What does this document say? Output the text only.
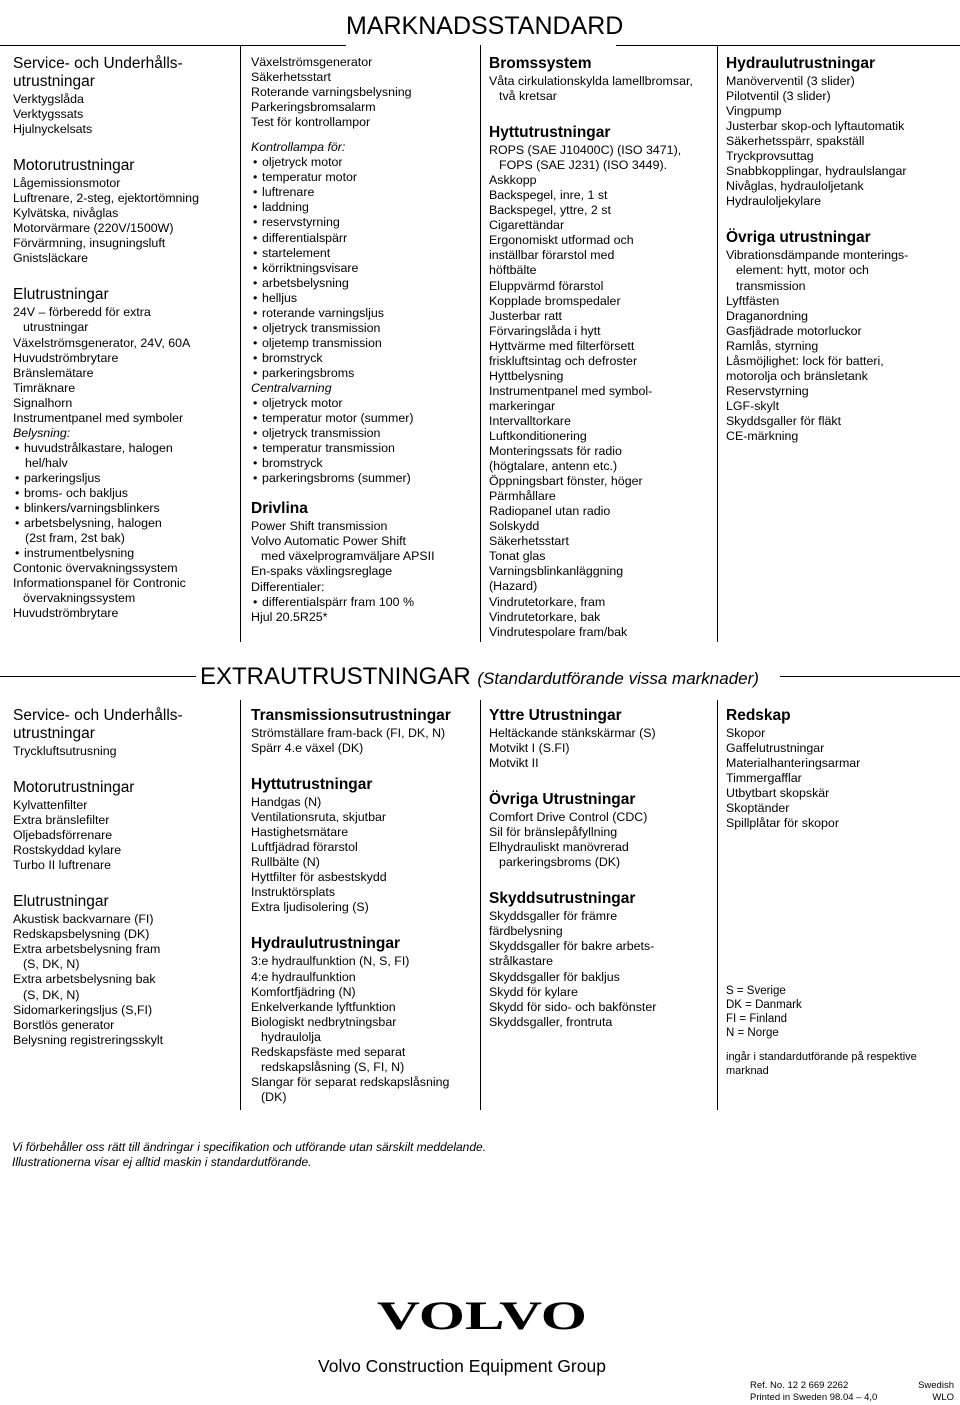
MARKNADSSTANDARD
EXTRAUTRUSTNINGAR (Standardutförande vissa marknader)
Service- och Underhålls-
utrustningar
Verktygslåda
Verktygssats
Hjulnyckelsats
Motorutrustningar
Lågemissionsmotor
Luftrenare, 2-steg, ejektortömning
Kylvätska, nivåglas
Motorvärmare (220V/1500W)
Förvärmning, insugningsluft
Gnistsläckare
Elutrustningar
24V – förberedd för extra
utrustningar
Växelströmsgenerator, 24V, 60A
Huvudströmbrytare
Bränslemätare
Timräknare
Signalhorn
Instrumentpanel med symboler
Belysning:
• huvudstrålkastare, halogen
hel/halv
• parkeringsljus
• broms- och bakljus
• blinkers/varningsblinkers
• arbetsbelysning, halogen
(2st fram, 2st bak)
• instrumentbelysning
Contonic övervakningssystem
Informationspanel för Contronic
övervakningssystem
Huvudströmbrytare
Växelströmsgenerator
Säkerhetsstart
Roterande varningsbelysning
Parkeringsbromsalarm
Test för kontrollampor
Kontrollampa för:
• oljetryck motor
• temperatur motor
• luftrenare
• laddning
• reservstyrning
• differentialspärr
• startelement
• körriktningsvisare
• arbetsbelysning
• helljus
• roterande varningsljus
• oljetryck transmission
• oljetemp transmission
• bromstryck
• parkeringsbroms
Centralvarning
• oljetryck motor
• temperatur motor (summer)
• oljetryck transmission
• temperatur transmission
• bromstryck
• parkeringsbroms (summer)
Drivlina
Power Shift transmission
Volvo Automatic Power Shift
med växelprogramväljare APSII
En-spaks växlingsreglage
Differentialer:
• differentialspärr fram 100 %
Hjul 20.5R25*
Bromssystem
Våta cirkulationskylda lamellbromsar,
två kretsar
Hyttutrustningar
ROPS (SAE J10400C) (ISO 3471),
FOPS (SAE J231) (ISO 3449).
Askkopp
Backspegel, inre, 1 st
Backspegel, yttre, 2 st
Cigarettändar
Ergonomiskt utformad och
inställbar förarstol med
höftbälte
Eluppvärmd förarstol
Kopplade bromspedaler
Justerbar ratt
Förvaringslåda i hytt
Hyttvärme med filterförsett
friskluftsintag och defroster
Hyttbelysning
Instrumentpanel med symbol-
markeringar
Intervalltorkare
Luftkonditionering
Monteringssats för radio
(högtalare, antenn etc.)
Öppningsbart fönster, höger
Pärmhållare
Radiopanel utan radio
Solskydd
Säkerhetsstart
Tonat glas
Varningsblinkanläggning
(Hazard)
Vindrutetorkare, fram
Vindrutetorkare, bak
Vindrutespolare fram/bak
Hydraulutrustningar
Manöverventil (3 slider)
Pilotventil (3 slider)
Vingpump
Justerbar skop-och lyftautomatik
Säkerhetsspärr, spakställ
Tryckprovsuttag
Snabbkopplingar, hydraulslangar
Nivåglas, hydrauloljetank
Hydrauloljekylare
Övriga utrustningar
Vibrationsdämpande monterings-
element: hytt, motor och
transmission
Lyftfästen
Draganordning
Gasfjädrade motorluckor
Ramlås, styrning
Låsmöjlighet: lock för batteri,
motorolja och bränsletank
Reservstyrning
LGF-skylt
Skyddsgaller för fläkt
CE-märkning
Service- och Underhålls-
utrustningar
Tryckluftsutrusning
Motorutrustningar
Kylvattenfilter
Extra bränslefilter
Oljebadsförrenare
Rostskyddad kylare
Turbo II luftrenare
Elutrustningar
Akustisk backvarnare (FI)
Redskapsbelysning (DK)
Extra arbetsbelysning fram
(S, DK, N)
Extra arbetsbelysning bak
(S, DK, N)
Sidomarkeringsljus (S,FI)
Borstlös generator
Belysning registreringsskylt
Transmissionsutrustningar
Strömställare fram-back (FI, DK, N)
Spärr 4.e växel (DK)
Hyttutrustningar
Handgas (N)
Ventilationsruta, skjutbar
Hastighetsmätare
Luftfjädrad förarstol
Rullbälte (N)
Hyttfilter för asbestskydd
Instruktörsplats
Extra ljudisolering (S)
Hydraulutrustningar
3:e hydraulfunktion (N, S, FI)
4:e hydraulfunktion
Komfortfjädring (N)
Enkelverkande lyftfunktion
Biologiskt nedbrytningsbar
hydraulolja
Redskapsfäste med separat
redskapslåsning (S, FI, N)
Slangar för separat redskapslåsning
(DK)
Yttre Utrustningar
Heltäckande stänkskärmar (S)
Motvikt I (S.FI)
Motvikt II
Övriga Utrustningar
Comfort Drive Control (CDC)
Sil för bränslepåfyllning
Elhydrauliskt manövrerad
parkeringsbroms (DK)
Skyddsutrustningar
Skyddsgaller för främre
färdbelysning
Skyddsgaller för bakre arbets-
strålkastare
Skyddsgaller för bakljus
Skydd för kylare
Skydd för sido- och bakfönster
Skyddsgaller, frontruta
Redskap
Skopor
Gaffelutrustningar
Materialhanteringsarmar
Timmergafflar
Utbytbart skopskär
Skoptänder
Spillplåtar för skopor
S = Sverige
DK = Danmark
FI = Finland
N = Norge
ingår i standardutförande på respektive
marknad
Vi förbehåller oss rätt till ändringar i specifikation och utförande utan särskilt meddelande.
Illustrationerna visar ej alltid maskin i standardutförande.
VOLVO
Volvo Construction Equipment Group
Ref. No. 12 2 669 2262	Swedish
Printed in Sweden 98.04 – 4,0	WLO
